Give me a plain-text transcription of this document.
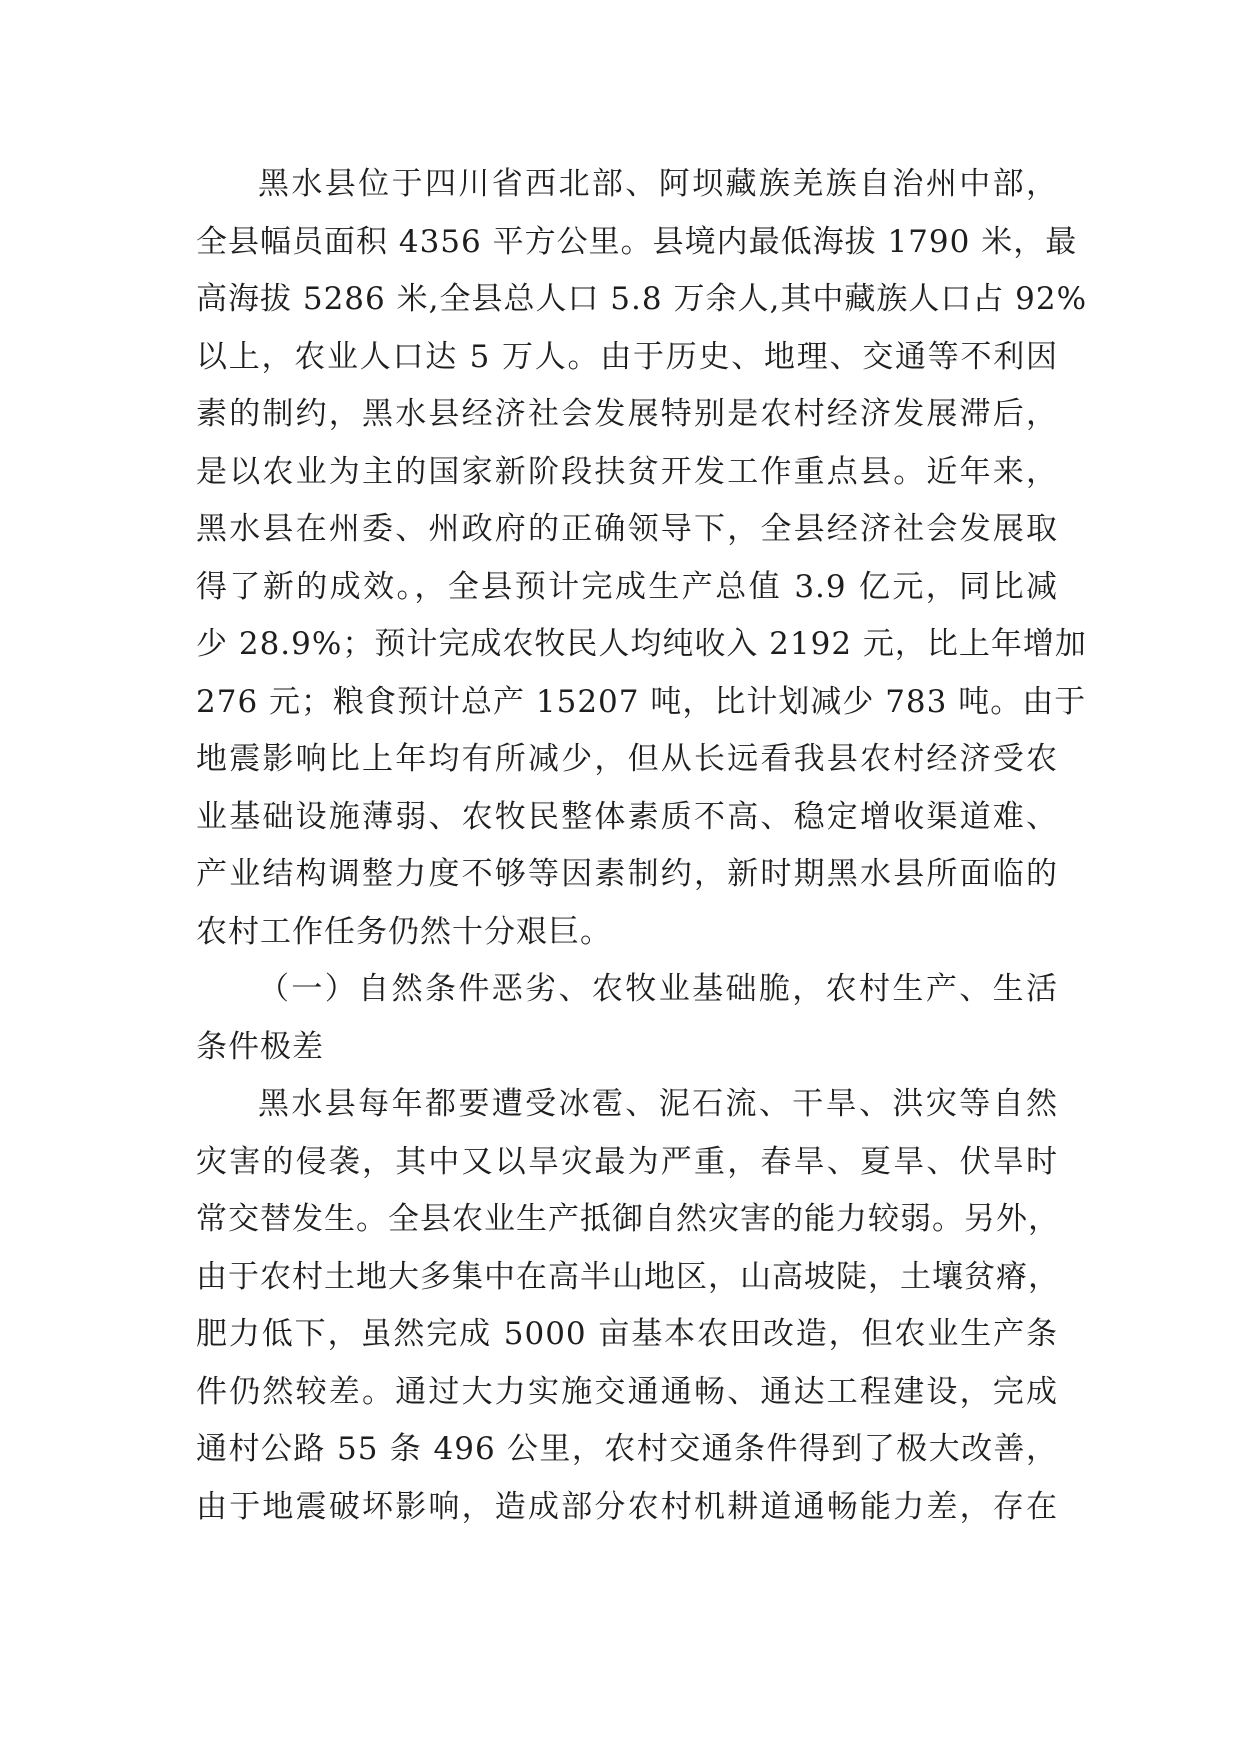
黑水县位于四川省西北部、阿坝藏族羌族自治州中部，
全县幅员面积 4356 平方公里。县境内最低海拔 1790 米，最
高海拔 5286 米,全县总人口 5.8 万余人,其中藏族人口占 92%
以上，农业人口达 5 万人。由于历史、地理、交通等不利因
素的制约，黑水县经济社会发展特别是农村经济发展滞后，
是以农业为主的国家新阶段扶贫开发工作重点县。近年来，
黑水县在州委、州政府的正确领导下，全县经济社会发展取
得了新的成效。，全县预计完成生产总值 3.9 亿元，同比减
少 28.9%；预计完成农牧民人均纯收入 2192 元，比上年增加
276 元；粮食预计总产 15207 吨，比计划减少 783 吨。由于
地震影响比上年均有所减少，但从长远看我县农村经济受农
业基础设施薄弱、农牧民整体素质不高、稳定增收渠道难、
产业结构调整力度不够等因素制约，新时期黑水县所面临的
农村工作任务仍然十分艰巨。
（一）自然条件恶劣、农牧业基础脆，农村生产、生活
条件极差
黑水县每年都要遭受冰雹、泥石流、干旱、洪灾等自然
灾害的侵袭，其中又以旱灾最为严重，春旱、夏旱、伏旱时
常交替发生。全县农业生产抵御自然灾害的能力较弱。另外，
由于农村土地大多集中在高半山地区，山高坡陡，土壤贫瘠，
肥力低下，虽然完成 5000 亩基本农田改造，但农业生产条
件仍然较差。通过大力实施交通通畅、通达工程建设，完成
通村公路 55 条 496 公里，农村交通条件得到了极大改善，
由于地震破坏影响，造成部分农村机耕道通畅能力差，存在
